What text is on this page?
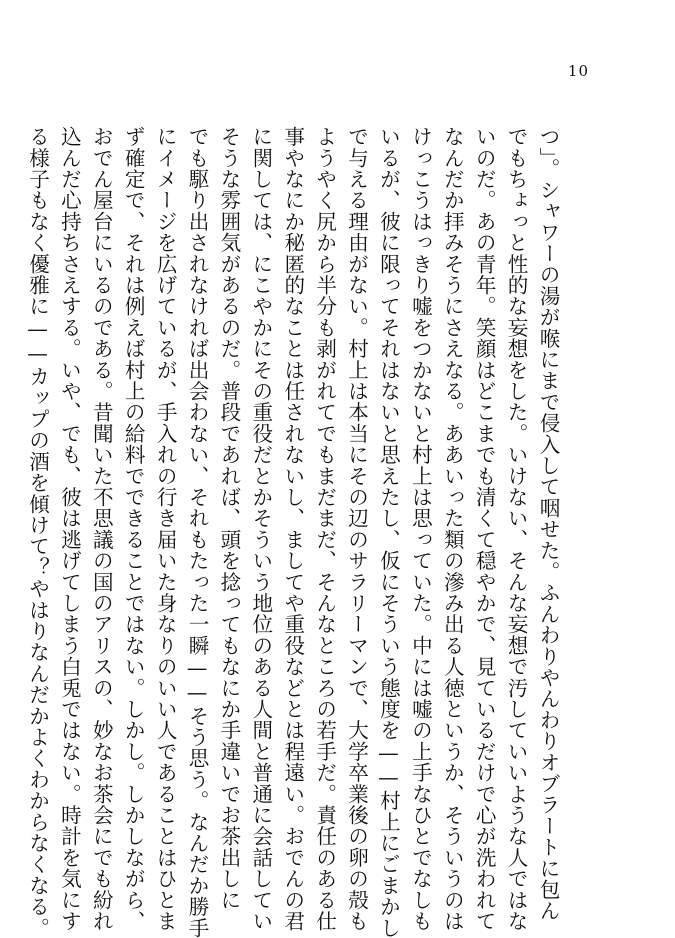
10
つ」。シャワーの湯が喉にまで侵入して咽せた。ふんわりやんわりオブラートに包ん
でもちょっと性的な妄想をした。いけない、そんな妄想で汚していいような人ではな
いのだ。あの青年。笑顔はどこまでも清くて穏やかで、見ているだけで心が洗われて
なんだか拝みそうにさえなる。ああいった類の滲み出る人徳というか、そういうのは
けっこうはっきり嘘をつかないと村上は思っていた。中には嘘の上手なひとでなしも
いるが、彼に限ってそれはないと思えたし、仮にそういう態度を——村上にごまかし
で与える理由がない。村上は本当にその辺のサラリーマンで、大学卒業後の卵の殻も
ようやく尻から半分も剥がれてでもまだまだ、そんなところの若手だ。責任のある仕
事やなにか秘匿的なことは任されないし、ましてや重役などとは程遠い。おでんの君
に関しては、にこやかにその重役だとかそういう地位のある人間と普通に会話してい
そうな雰囲気があるのだ。普段であれば、頭を捻ってもなにか手違いでお茶出しに
でも駆り出されなければ出会わない、それもたった一瞬——そう思う。なんだか勝手
にイメージを広げているが、手入れの行き届いた身なりのいい人であることはひとま
ず確定で、それは例えば村上の給料でできることではない。しかし。しかしながら、
おでん屋台にいるのである。昔聞いた不思議の国のアリスの、妙なお茶会にでも紛れ
込んだ心持ちさえする。いや、でも、彼は逃げてしまう白兎ではない。時計を気にす
る様子もなく優雅に——カップの酒を傾けて？やはりなんだかよくわからなくなる。
